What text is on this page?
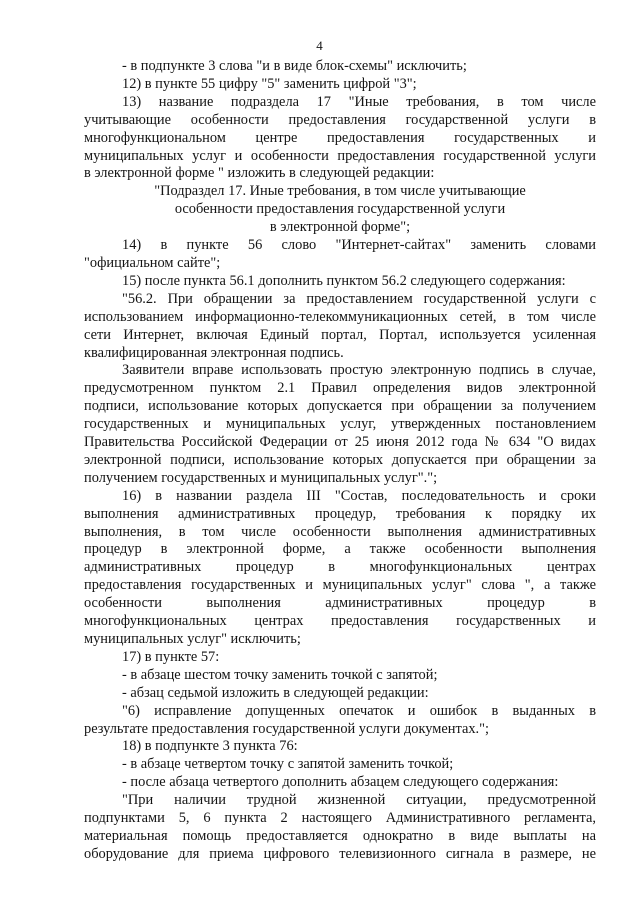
4

- в подпункте 3 слова "и в виде блок-схемы" исключить;

12) в пункте 55 цифру "5" заменить цифрой "3";

13) название подраздела 17 "Иные требования, в том числе

учитывающие особенности предоставления государственной услуги в

многофункциональном центре предоставления государственных и

муниципальных услуг и особенности предоставления государственной услуги

в электронной форме " изложить в следующей редакции:

"Подраздел 17. Иные требования, в том числе учитывающие

особенности предоставления государственной услуги

в электронной форме";

14) в пункте 56 слово "Интернет-сайтах" заменить словами

"официальном сайте";

15) после пункта 56.1 дополнить пунктом 56.2 следующего содержания:

"56.2. При обращении за предоставлением государственной услуги с

использованием информационно-телекоммуникационных сетей, в том числе

сети Интернет, включая Единый портал, Портал, используется усиленная

квалифицированная электронная подпись.

Заявители вправе использовать простую электронную подпись в случае,

предусмотренном пунктом 2.1 Правил определения видов электронной

подписи, использование которых допускается при обращении за получением

государственных и муниципальных услуг, утвержденных постановлением

Правительства Российской Федерации от 25 июня 2012 года № 634 "О видах

электронной подписи, использование которых допускается при обращении за

получением государственных и муниципальных услуг".";

16) в названии раздела III "Состав, последовательность и сроки

выполнения административных процедур, требования к порядку их

выполнения, в том числе особенности выполнения административных

процедур в электронной форме, а также особенности выполнения

административных процедур в многофункциональных центрах

предоставления государственных и муниципальных услуг" слова ", а также

особенности выполнения административных процедур в

многофункциональных центрах предоставления государственных и

муниципальных услуг" исключить;

17) в пункте 57:

- в абзаце шестом точку заменить точкой с запятой;

- абзац седьмой изложить в следующей редакции:

"6) исправление допущенных опечаток и ошибок в выданных в

результате предоставления государственной услуги документах.";

18) в подпункте 3 пункта 76:

- в абзаце четвертом точку с запятой заменить точкой;

- после абзаца четвертого дополнить абзацем следующего содержания:

"При наличии трудной жизненной ситуации, предусмотренной

подпунктами 5, 6 пункта 2 настоящего Административного регламента,

материальная помощь предоставляется однократно в виде выплаты на

оборудование для приема цифрового телевизионного сигнала в размере, не
